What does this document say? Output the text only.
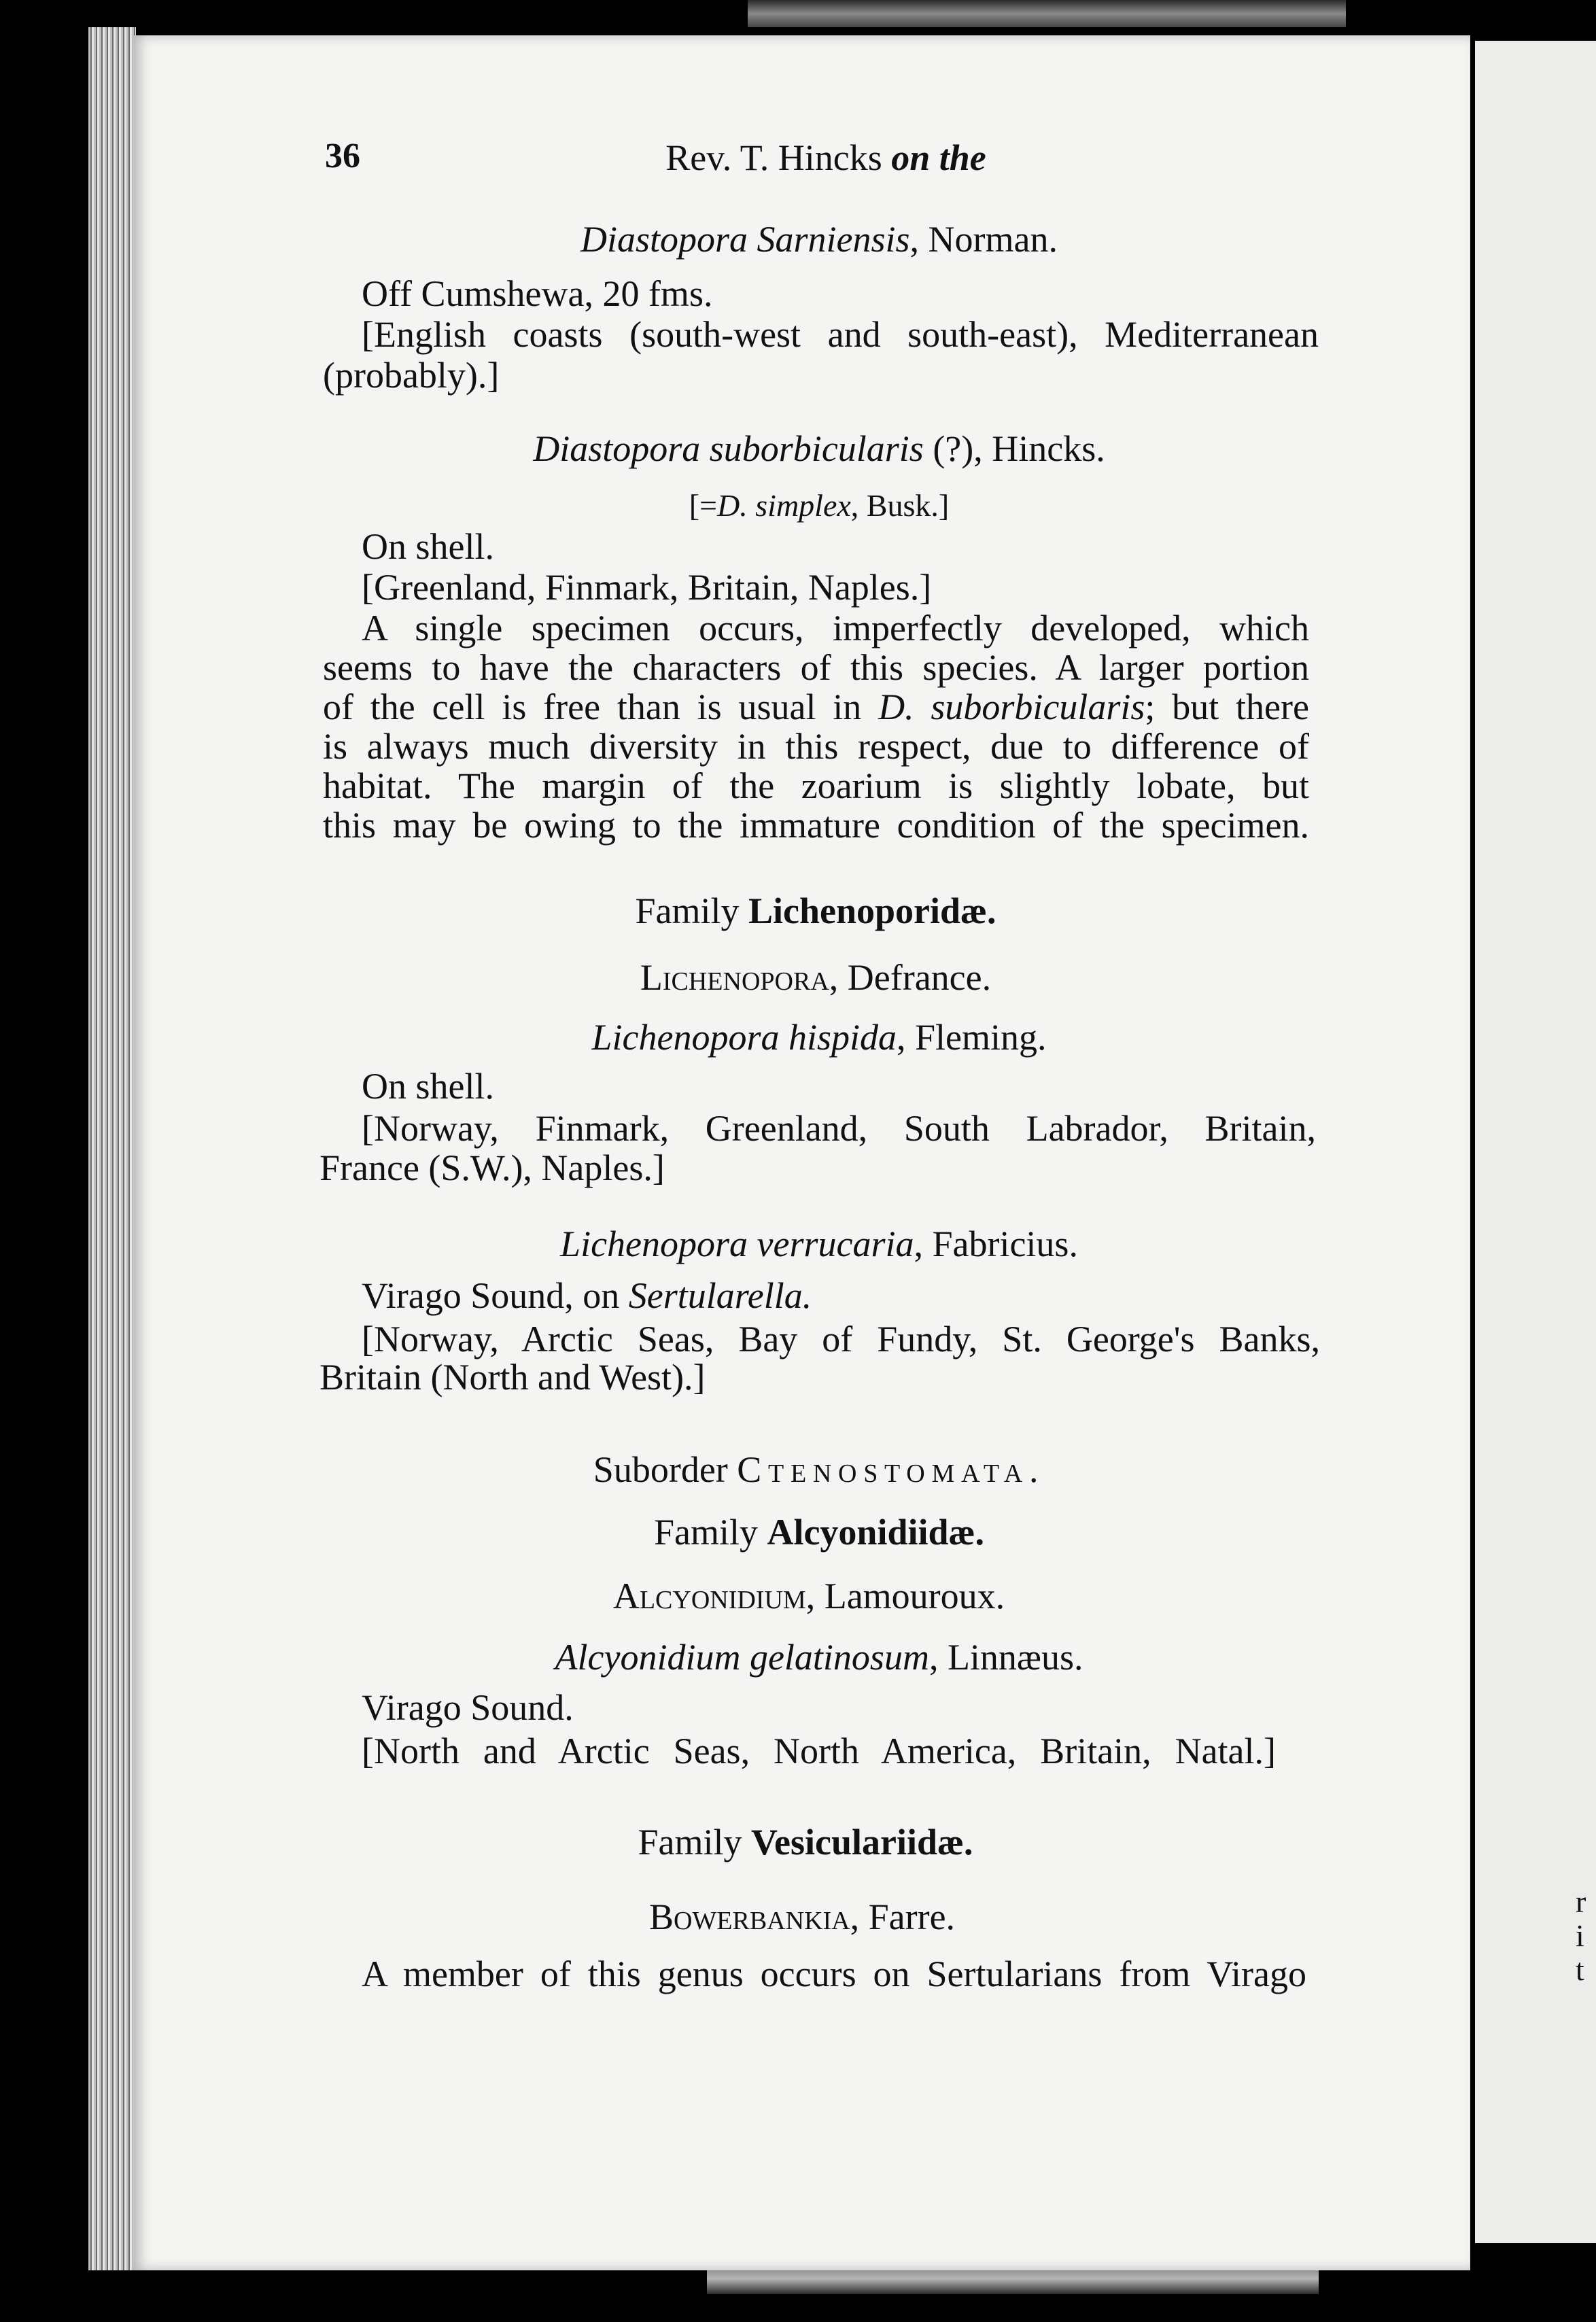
r
i
t
36	Rev. T. Hincks on the
Diastopora Sarniensis, Norman.
Off Cumshewa, 20 fms.
[English coasts (south-west and south-east), Mediterranean
(probably).]
Diastopora suborbicularis (?), Hincks.
[=D. simplex, Busk.]
On shell.
[Greenland, Finmark, Britain, Naples.]
A single specimen occurs, imperfectly developed, which
seems to have the characters of this species. A larger portion
of the cell is free than is usual in D. suborbicularis; but there
is always much diversity in this respect, due to difference of
habitat. The margin of the zoarium is slightly lobate, but
this may be owing to the immature condition of the specimen.
Family Lichenoporidæ.
Lichenopora, Defrance.
Lichenopora hispida, Fleming.
On shell.
[Norway, Finmark, Greenland, South Labrador, Britain,
France (S.W.), Naples.]
Lichenopora verrucaria, Fabricius.
Virago Sound, on Sertularella.
[Norway, Arctic Seas, Bay of Fundy, St. George's Banks,
Britain (North and West).]
Suborder Ctenostomata.
Family Alcyonidiidæ.
Alcyonidium, Lamouroux.
Alcyonidium gelatinosum, Linnæus.
Virago Sound.
[North and Arctic Seas, North America, Britain, Natal.]
Family Vesiculariidæ.
Bowerbankia, Farre.
A member of this genus occurs on Sertularians from Virago
